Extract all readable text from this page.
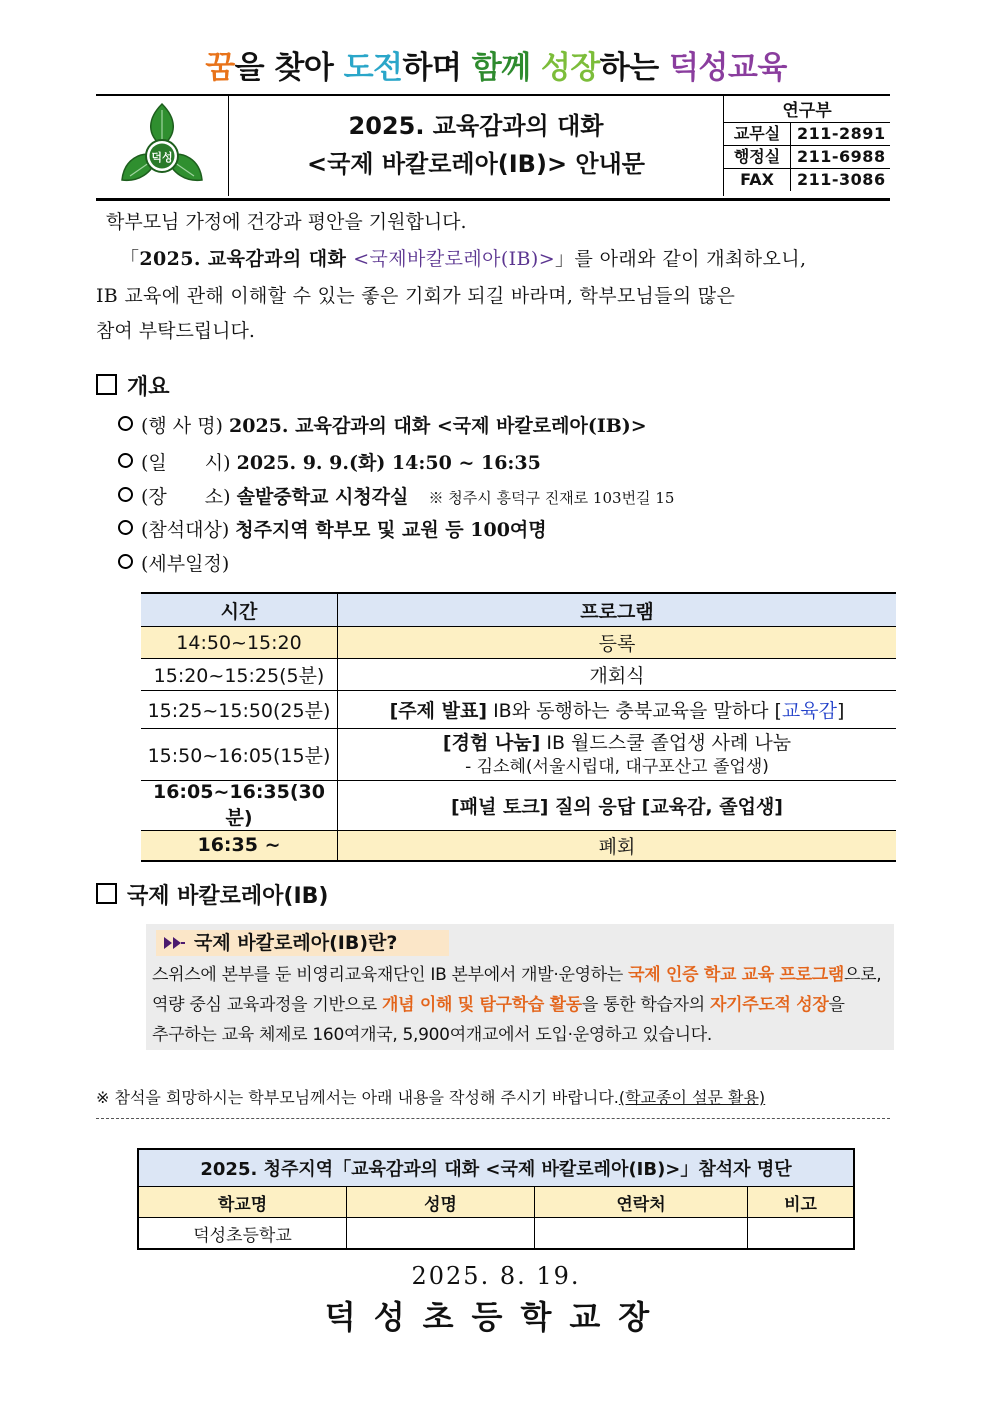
꿈을 찾아 도전하며 함께 성장하는 덕성교육
덕성
2025. 교육감과의 대화
<국제 바칼로레아(IB)> 안내문
연구부
교무실	211-2891
행정실	211-6988
FAX	211-3086
학부모님 가정에 건강과 평안을 기원합니다.
「2025. 교육감과의 대화 <국제바칼로레아(IB)>」를 아래와 같이 개최하오니,
IB 교육에 관해 이해할 수 있는 좋은 기회가 되길 바라며, 학부모님들의 많은
참여 부탁드립니다.
개요
(행 사 명) 2025. 교육감과의 대화 <국제 바칼로레아(IB)>
(일　　시) 2025. 9. 9.(화) 14:50 ~ 16:35
(장　　소) 솔밭중학교 시청각실 ※ 청주시 흥덕구 진재로 103번길 15
(참석대상) 청주지역 학부모 및 교원 등 100여명
(세부일정)
시간	프로그램
14:50~15:20	등록
15:20~15:25(5분)	개회식
15:25~15:50(25분)	[주제 발표] IB와 동행하는 충북교육을 말하다 [교육감]
15:50~16:05(15분)	[경험 나눔] IB 월드스쿨 졸업생 사례 나눔
- 김소혜(서울시립대, 대구포산고 졸업생)

16:05~16:35(30분)	[패널 토크] 질의 응답 [교육감, 졸업생]
16:35 ~	폐회
국제 바칼로레아(IB)
국제 바칼로레아(IB)란?
스위스에 본부를 둔 비영리교육재단인 IB 본부에서 개발·운영하는 국제 인증 학교 교육 프로그램으로,
역량 중심 교육과정을 기반으로 개념 이해 및 탐구학습 활동을 통한 학습자의 자기주도적 성장을
추구하는 교육 체제로 160여개국, 5,900여개교에서 도입·운영하고 있습니다.
※ 참석을 희망하시는 학부모님께서는 아래 내용을 작성해 주시기 바랍니다.(학교종이 설문 활용)
2025. 청주지역「교육감과의 대화 <국제 바칼로레아(IB)>」참석자 명단			
학교명	성명	연락처	비고
덕성초등학교			
2025. 8. 19.
덕성초등학교장
